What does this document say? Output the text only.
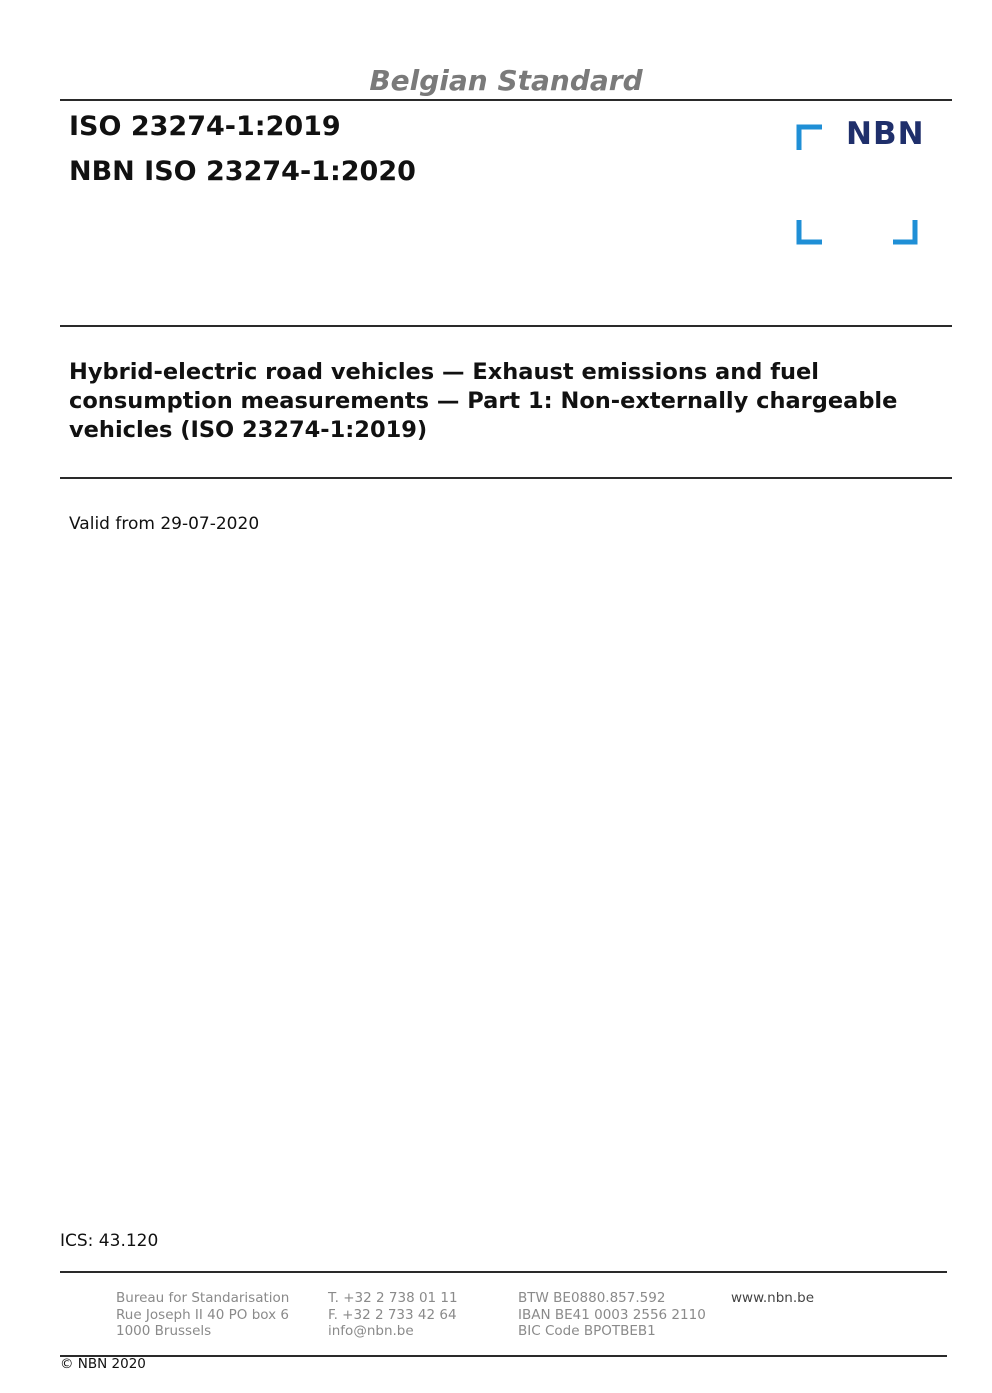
Belgian Standard
ISO 23274-1:2019
NBN ISO 23274-1:2020
NBN
Hybrid-electric road vehicles — Exhaust emissions and fuel consumption measurements — Part 1: Non-externally chargeable vehicles (ISO 23274-1:2019)
Valid from 29-07-2020
ICS: 43.120
Bureau for Standarisation
Rue Joseph II 40 PO box 6
1000 Brussels
T. +32 2 738 01 11
F. +32 2 733 42 64
info@nbn.be
BTW BE0880.857.592
IBAN BE41 0003 2556 2110
BIC Code BPOTBEB1
www.nbn.be
© NBN 2020
